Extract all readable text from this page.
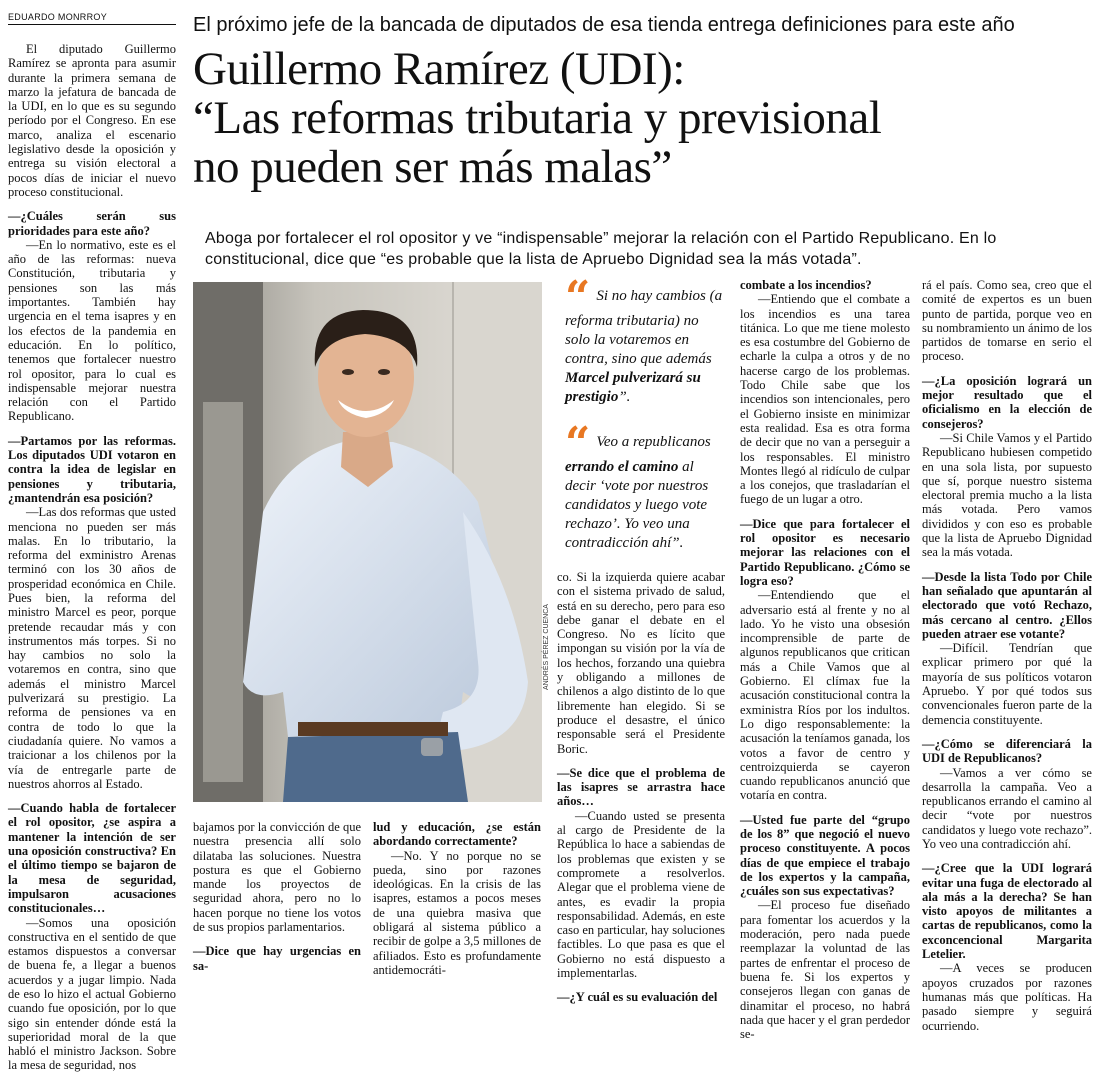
EDUARDO MONRROY	El próximo jefe de la bancada de diputados de esa tienda entrega definiciones para este año
Guillermo Ramírez (UDI):
“Las reformas tributaria y previsional
no pueden ser más malas”
Aboga por fortalecer el rol opositor y ve “indispensable” mejorar la relación con el Partido Republicano. En lo constitucional, dice que “es probable que la lista de Apruebo Dignidad sea la más votada”.

El diputado Guillermo Ramírez se apronta para asumir durante la primera semana de marzo la jefatura de bancada de la UDI, en lo que es su segundo período por el Congreso. En ese marco, analiza el escenario legislativo desde la oposición y entrega su visión electoral a pocos días de iniciar el nuevo proceso constitucional.

—¿Cuáles serán sus prioridades para este año?

—En lo normativo, este es el año de las reformas: nueva Constitución, tributaria y pensiones son las más importantes. También hay urgencia en el tema isapres y en los efectos de la pandemia en educación. En lo político, tenemos que fortalecer nuestro rol opositor, para lo cual es indispensable mejorar nuestra relación con el Partido Republicano.

—Partamos por las reformas. Los diputados UDI votaron en contra la idea de legislar en pensiones y tributaria, ¿mantendrán esa posición?

—Las dos reformas que usted menciona no pueden ser más malas. En lo tributario, la reforma del exministro Arenas terminó con los 30 años de prosperidad económica en Chile. Pues bien, la reforma del ministro Marcel es peor, porque pretende recaudar más y con instrumentos más torpes. Si no hay cambios no solo la votaremos en contra, sino que además el ministro Marcel pulverizará su prestigio. La reforma de pensiones va en contra de todo lo que la ciudadanía quiere. No vamos a traicionar a los chilenos por la vía de entregarle parte de nuestros ahorros al Estado.

—Cuando habla de fortalecer el rol opositor, ¿se aspira a mantener la intención de ser una oposición constructiva? En el último tiempo se bajaron de la mesa de seguridad, impulsaron acusaciones constitucionales…

—Somos una oposición constructiva en el sentido de que estamos dispuestos a conversar de buena fe, a llegar a buenos acuerdos y a jugar limpio. Nada de eso lo hizo el actual Gobierno cuando fue oposición, por lo que sigo sin entender dónde está la superioridad moral de la que habló el ministro Jackson. Sobre la mesa de seguridad, nos

ANDRÉS PÉREZ CUENCA
“ Si no hay cambios (a reforma tributaria) no solo la votaremos en contra, sino que además Marcel pulverizará su prestigio”.
“ Veo a republicanos errando el camino al decir ‘vote por nuestros candidatos y luego vote rechazo’. Yo veo una contradicción ahí”.

bajamos por la convicción de que nuestra presencia allí solo dilataba las soluciones. Nuestra postura es que el Gobierno mande los proyectos de seguridad ahora, pero no lo hacen porque no tiene los votos de sus propios parlamentarios.

—Dice que hay urgencias en sa-

lud y educación, ¿se están abordando correctamente?

—No. Y no porque no se pueda, sino por razones ideológicas. En la crisis de las isapres, estamos a pocos meses de una quiebra masiva que obligará al sistema público a recibir de golpe a 3,5 millones de afiliados. Esto es profundamente antidemocráti-

co. Si la izquierda quiere acabar con el sistema privado de salud, está en su derecho, pero para eso debe ganar el debate en el Congreso. No es lícito que impongan su visión por la vía de los hechos, forzando una quiebra y obligando a millones de chilenos a algo distinto de lo que libremente han elegido. Si se produce el desastre, el único responsable será el Presidente Boric.

—Se dice que el problema de las isapres se arrastra hace años…

—Cuando usted se presenta al cargo de Presidente de la República lo hace a sabiendas de los problemas que existen y se compromete a resolverlos. Alegar que el problema viene de antes, es evadir la propia responsabilidad. Además, en este caso en particular, hay soluciones factibles. Lo que pasa es que el Gobierno no está dispuesto a implementarlas.

—¿Y cuál es su evaluación del

combate a los incendios?

—Entiendo que el combate a los incendios es una tarea titánica. Lo que me tiene molesto es esa costumbre del Gobierno de echarle la culpa a otros y de no hacerse cargo de los problemas. Todo Chile sabe que los incendios son intencionales, pero el Gobierno insiste en minimizar esta realidad. Esa es otra forma de decir que no van a perseguir a los responsables. El ministro Montes llegó al ridículo de culpar a los conejos, que trasladarían el fuego de un lugar a otro.

—Dice que para fortalecer el rol opositor es necesario mejorar las relaciones con el Partido Republicano. ¿Cómo se logra eso?

—Entendiendo que el adversario está al frente y no al lado. Yo he visto una obsesión incomprensible de parte de algunos republicanos que critican más a Chile Vamos que al Gobierno. El clímax fue la acusación constitucional contra la exministra Ríos por los indultos. Lo digo responsablemente: la acusación la teníamos ganada, los votos a favor de centro y centroizquierda se cayeron cuando republicanos anunció que votaría en contra.

—Usted fue parte del “grupo de los 8” que negoció el nuevo proceso constituyente. A pocos días de que empiece el trabajo de los expertos y la campaña, ¿cuáles son sus expectativas?

—El proceso fue diseñado para fomentar los acuerdos y la moderación, pero nada puede reemplazar la voluntad de las partes de enfrentar el proceso de buena fe. Si los expertos y consejeros llegan con ganas de dinamitar el proceso, no habrá nada que hacer y el gran perdedor se-

rá el país. Como sea, creo que el comité de expertos es un buen punto de partida, porque veo en su nombramiento un ánimo de los partidos de tomarse en serio el proceso.

—¿La oposición logrará un mejor resultado que el oficialismo en la elección de consejeros?

—Si Chile Vamos y el Partido Republicano hubiesen competido en una sola lista, por supuesto que sí, porque nuestro sistema electoral premia mucho a la lista más votada. Pero vamos divididos y con eso es probable que la lista de Apruebo Dignidad sea la más votada.

—Desde la lista Todo por Chile han señalado que apuntarán al electorado que votó Rechazo, más cercano al centro. ¿Ellos pueden atraer ese votante?

—Difícil. Tendrían que explicar primero por qué la mayoría de sus políticos votaron Apruebo. Y por qué todos sus convencionales fueron parte de la demencia constituyente.

—¿Cómo se diferenciará la UDI de Republicanos?

—Vamos a ver cómo se desarrolla la campaña. Veo a republicanos errando el camino al decir “vote por nuestros candidatos y luego vote rechazo”. Yo veo una contradicción ahí.

—¿Cree que la UDI logrará evitar una fuga de electorado al ala más a la derecha? Se han visto apoyos de militantes a cartas de republicanos, como la exconcencional Margarita Letelier.

—A veces se producen apoyos cruzados por razones humanas más que políticas. Ha pasado siempre y seguirá ocurriendo.
